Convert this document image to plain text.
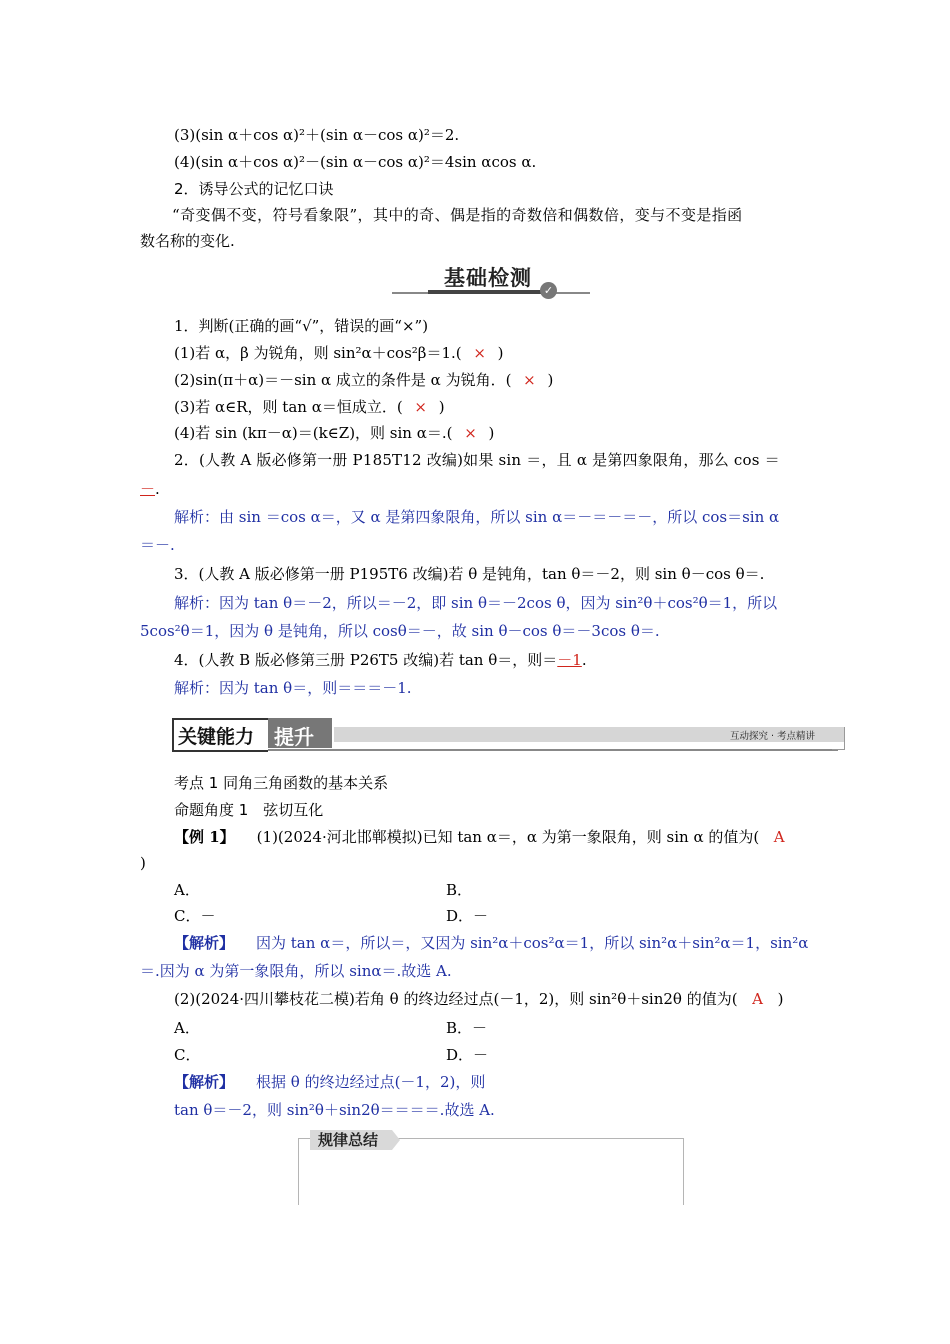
(3)(sin α＋cos α)²＋(sin α－cos α)²＝2.
(4)(sin α＋cos α)²－(sin α－cos α)²＝4sin αcos α.
2．诱导公式的记忆口诀
“奇变偶不变，符号看象限”，其中的奇、偶是指的奇数倍和偶数倍，变与不变是指函
数名称的变化.
基础检测
✓
1．判断(正确的画“√”，错误的画“×”)
(1)若 α，β 为锐角，则 sin²α＋cos²β＝1.( × )
(2)sin(π＋α)＝－sin α 成立的条件是 α 为锐角．( × )
(3)若 α∈R，则 tan α＝恒成立．( × )
(4)若 sin (kπ－α)＝(k∈Z)，则 sin α＝.( × )
2．(人教 A 版必修第一册 P185T12 改编)如果 sin ＝，且 α 是第四象限角，那么 cos ＝
－.
解析：由 sin ＝cos α＝，又 α 是第四象限角，所以 sin α＝－＝－＝－，所以 cos＝sin α
＝－.
3．(人教 A 版必修第一册 P195T6 改编)若 θ 是钝角，tan θ＝－2，则 sin θ－cos θ＝.
解析：因为 tan θ＝－2，所以＝－2，即 sin θ＝－2cos θ，因为 sin²θ＋cos²θ＝1，所以
5cos²θ＝1，因为 θ 是钝角，所以 cosθ＝－，故 sin θ－cos θ＝－3cos θ＝.
4．(人教 B 版必修第三册 P26T5 改编)若 tan θ＝，则＝－1.
解析：因为 tan θ＝，则＝＝＝－1.
关键能力 提升	互动探究 · 考点精讲
考点 1 同角三角函数的基本关系
命题角度 1　弦切互化
【例 1】 (1)(2024·河北邯郸模拟)已知 tan α＝，α 为第一象限角，则 sin α 的值为( A
)
A．	B．
C．－	D．－
【解析】 因为 tan α＝，所以＝，又因为 sin²α＋cos²α＝1，所以 sin²α＋sin²α＝1，sin²α
＝.因为 α 为第一象限角，所以 sinα＝.故选 A.
(2)(2024·四川攀枝花二模)若角 θ 的终边经过点(－1，2)，则 sin²θ＋sin2θ 的值为( A )
A．	B．－
C．	D．－
【解析】 根据 θ 的终边经过点(－1，2)，则
tan θ＝－2，则 sin²θ＋sin2θ＝＝＝＝.故选 A.
规律总结
